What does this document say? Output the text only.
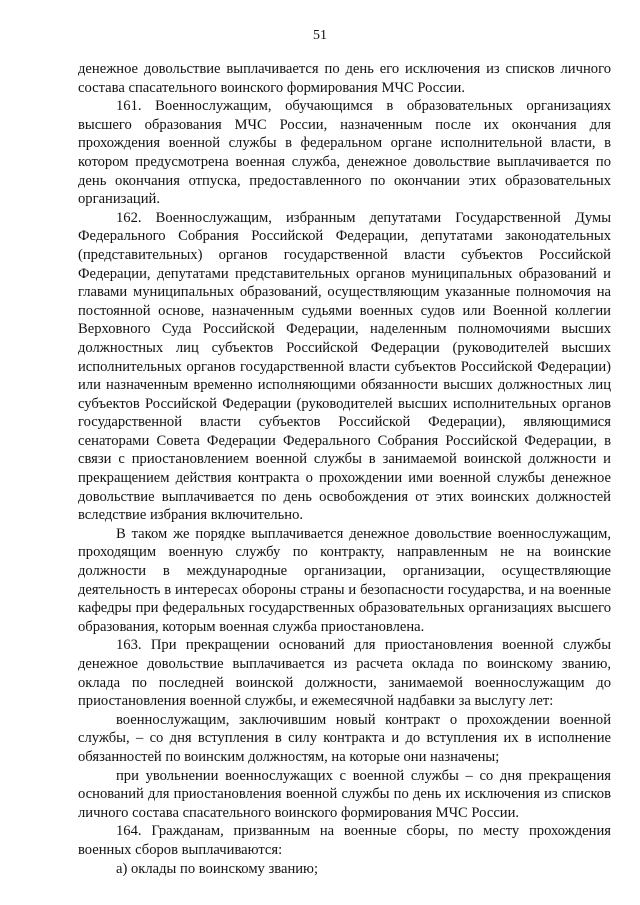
51

денежное довольствие выплачивается по день его исключения из списков личного состава спасательного воинского формирования МЧС России.

161. Военнослужащим, обучающимся в образовательных организациях высшего образования МЧС России, назначенным после их окончания для прохождения военной службы в федеральном органе исполнительной власти, в котором предусмотрена военная служба, денежное довольствие выплачивается по день окончания отпуска, предоставленного по окончании этих образовательных организаций.

162. Военнослужащим, избранным депутатами Государственной Думы Федерального Собрания Российской Федерации, депутатами законодательных (представительных) органов государственной власти субъектов Российской Федерации, депутатами представительных органов муниципальных образований и главами муниципальных образований, осуществляющим указанные полномочия на постоянной основе, назначенным судьями военных судов или Военной коллегии Верховного Суда Российской Федерации, наделенным полномочиями высших должностных лиц субъектов Российской Федерации (руководителей высших исполнительных органов государственной власти субъектов Российской Федерации) или назначенным временно исполняющими обязанности высших должностных лиц субъектов Российской Федерации (руководителей высших исполнительных органов государственной власти субъектов Российской Федерации), являющимися сенаторами Совета Федерации Федерального Собрания Российской Федерации, в связи с приостановлением военной службы в занимаемой воинской должности и прекращением действия контракта о прохождении ими военной службы денежное довольствие выплачивается по день освобождения от этих воинских должностей вследствие избрания включительно.

В таком же порядке выплачивается денежное довольствие военнослужащим, проходящим военную службу по контракту, направленным не на воинские должности в международные организации, организации, осуществляющие деятельность в интересах обороны страны и безопасности государства, и на военные кафедры при федеральных государственных образовательных организациях высшего образования, которым военная служба приостановлена.

163. При прекращении оснований для приостановления военной службы денежное довольствие выплачивается из расчета оклада по воинскому званию, оклада по последней воинской должности, занимаемой военнослужащим до приостановления военной службы, и ежемесячной надбавки за выслугу лет:

военнослужащим, заключившим новый контракт о прохождении военной службы, – со дня вступления в силу контракта и до вступления их в исполнение обязанностей по воинским должностям, на которые они назначены;

при увольнении военнослужащих с военной службы – со дня прекращения оснований для приостановления военной службы по день их исключения из списков личного состава спасательного воинского формирования МЧС России.

164. Гражданам, призванным на военные сборы, по месту прохождения военных сборов выплачиваются:

а) оклады по воинскому званию;
